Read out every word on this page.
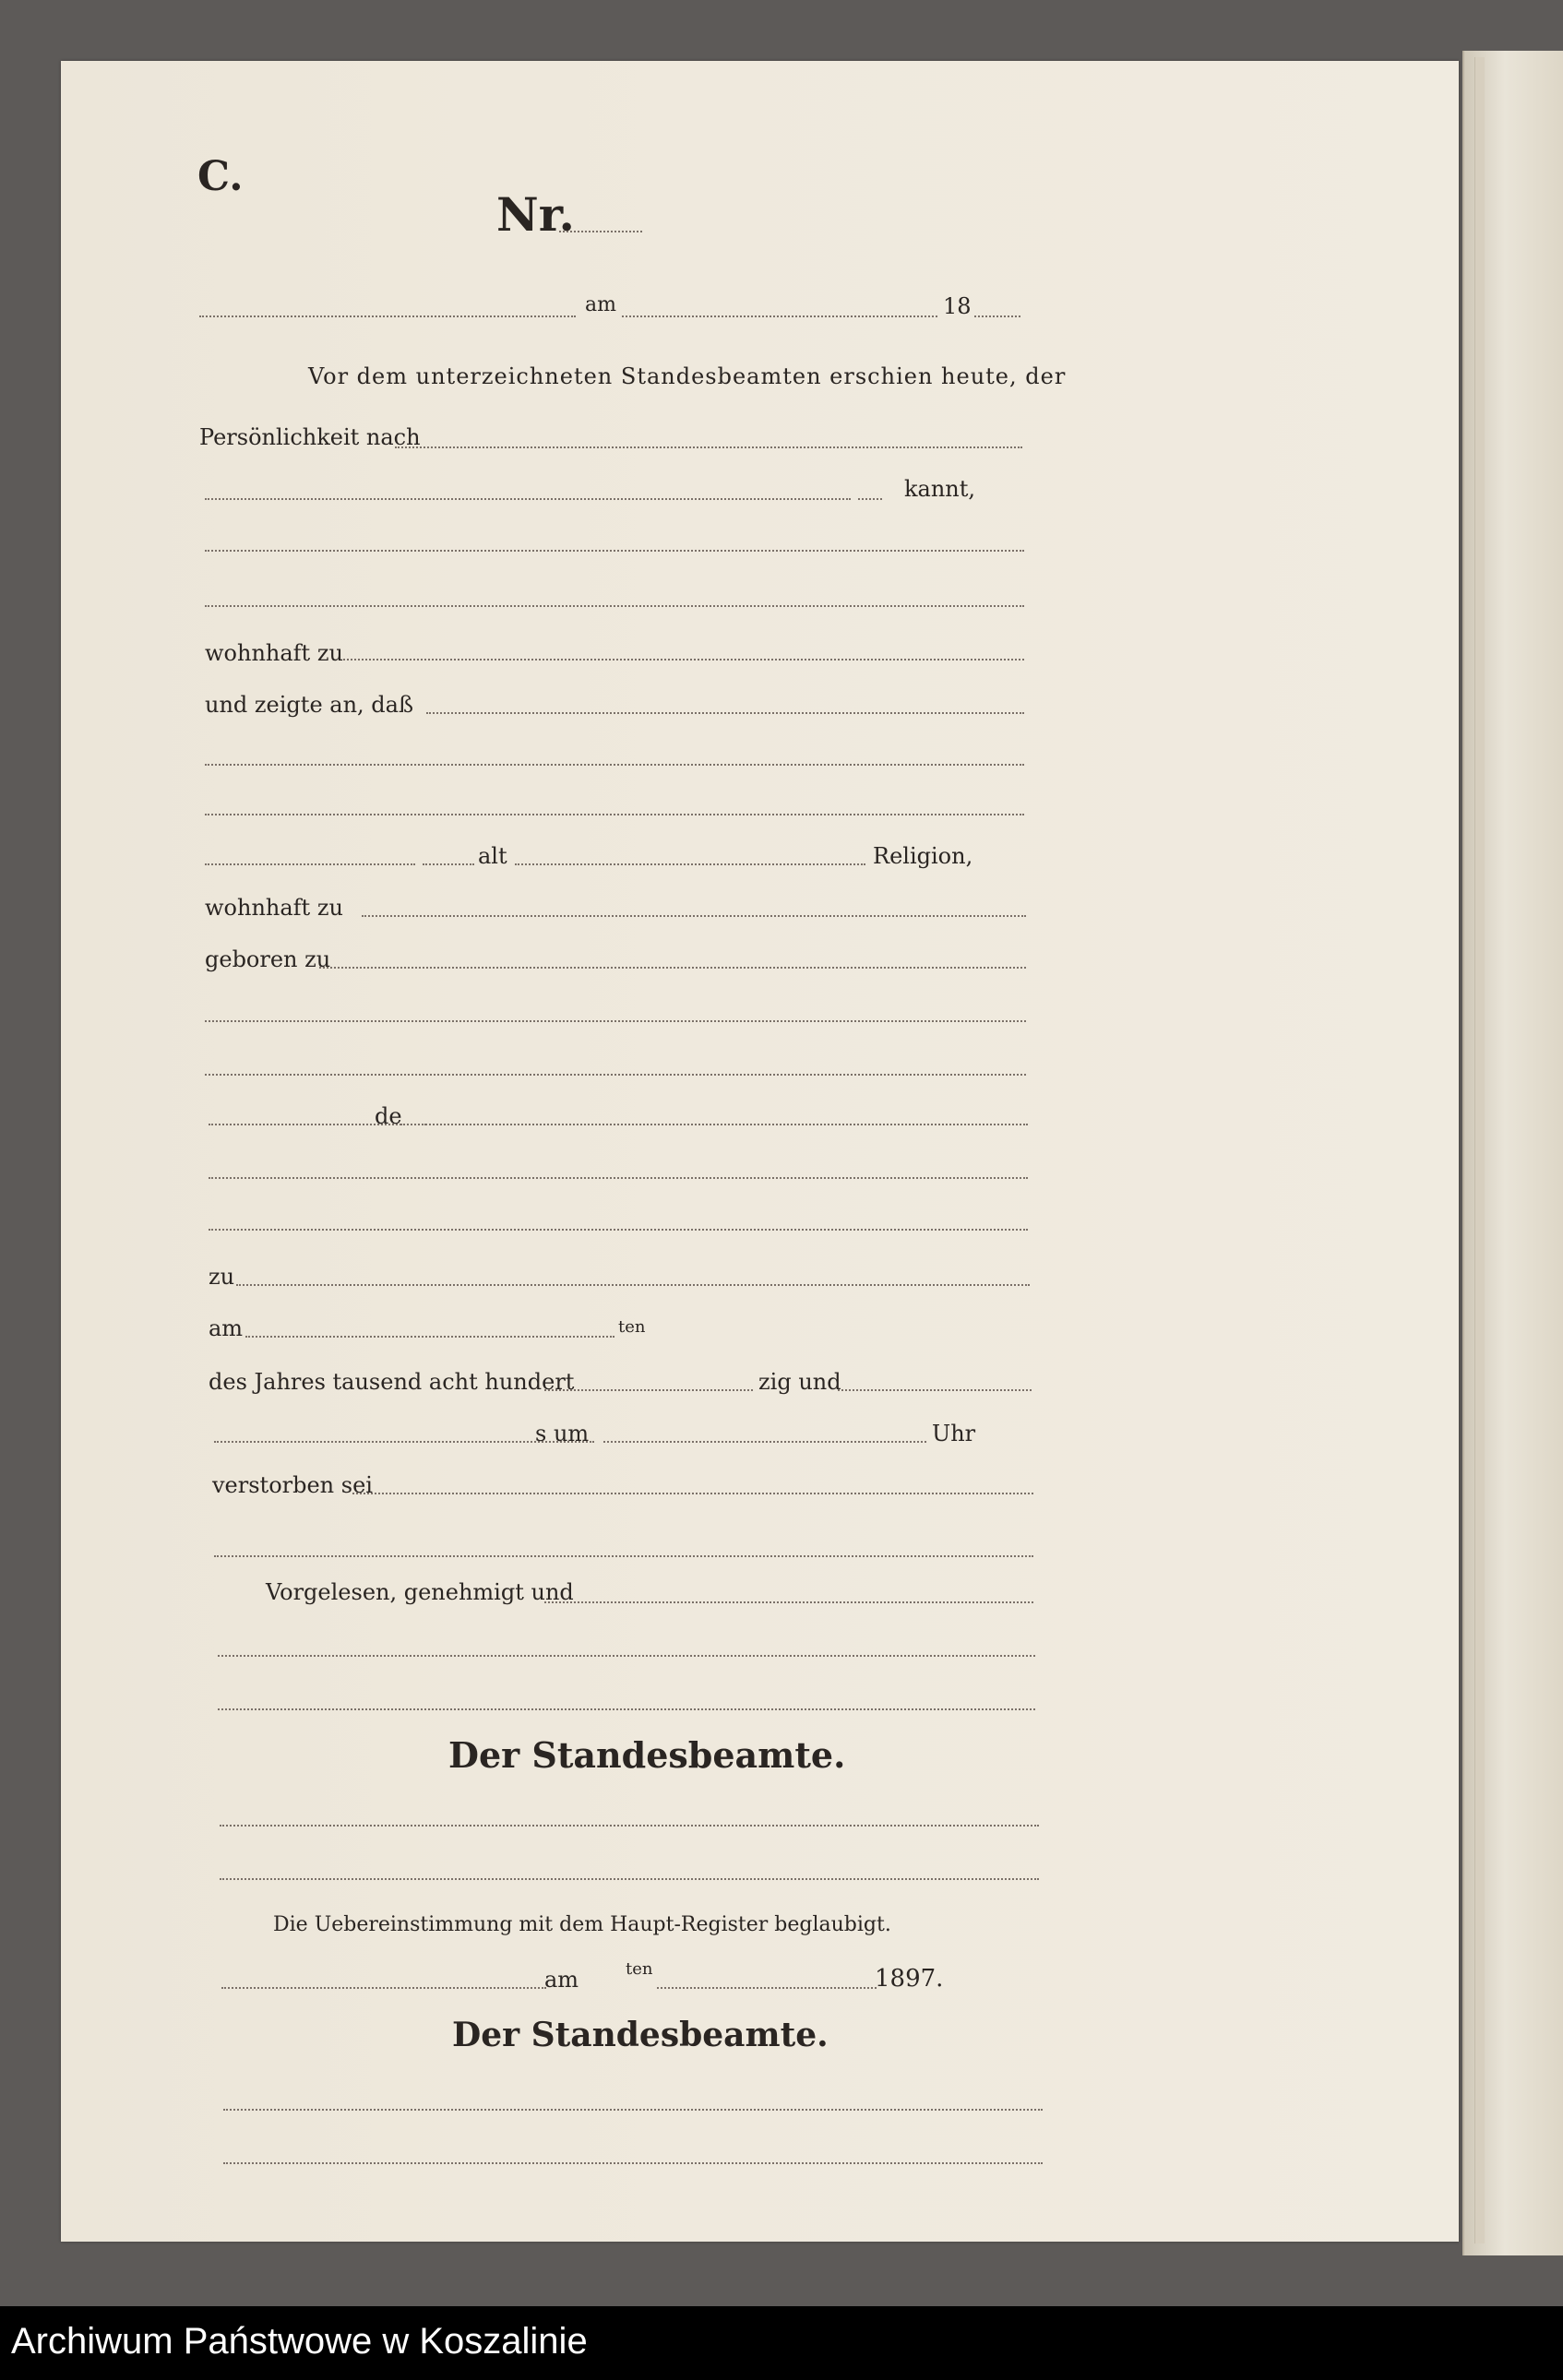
C.
Nr.
am	18
Vor dem unterzeichneten Standesbeamten erschien heute, der
Persönlichkeit nach
kannt,
wohnhaft zu
und zeigte an, daß
alt	Religion,
wohnhaft zu
geboren zu
de
zu
am	ten
des Jahres tausend acht hundert	zig und
s um	Uhr
verstorben sei
Vorgelesen, genehmigt und
Der Standesbeamte.
Die Uebereinstimmung mit dem Haupt-Register beglaubigt.
am	ten	1897.
Der Standesbeamte.
Archiwum Państwowe w Koszalinie
